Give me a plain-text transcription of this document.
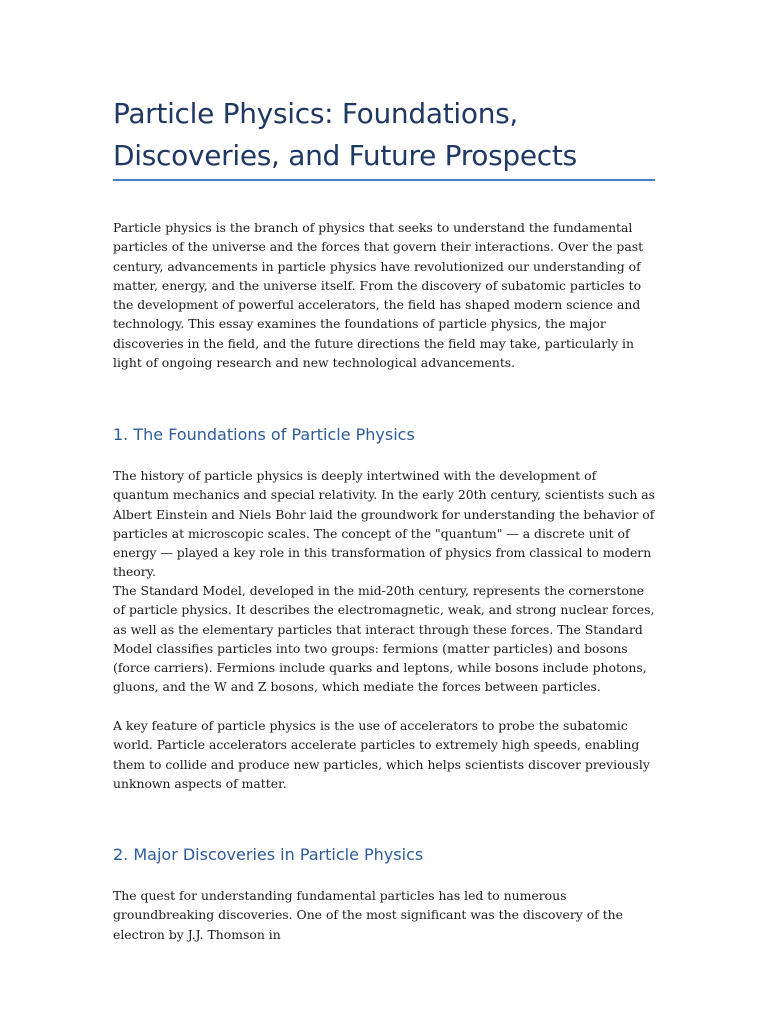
Particle Physics: Foundations,
Discoveries, and Future Prospects

Particle physics is the branch of physics that seeks to understand the fundamental particles of the universe and the forces that govern their interactions. Over the past century, advancements in particle physics have revolutionized our understanding of matter, energy, and the universe itself. From the discovery of subatomic particles to the development of powerful accelerators, the field has shaped modern science and technology. This essay examines the foundations of particle physics, the major discoveries in the field, and the future directions the field may take, particularly in light of ongoing research and new technological advancements.

1. The Foundations of Particle Physics

The history of particle physics is deeply intertwined with the development of quantum mechanics and special relativity. In the early 20th century, scientists such as Albert Einstein and Niels Bohr laid the groundwork for understanding the behavior of particles at microscopic scales. The concept of the "quantum" — a discrete unit of energy — played a key role in this transformation of physics from classical to modern theory.

The Standard Model, developed in the mid-20th century, represents the cornerstone of particle physics. It describes the electromagnetic, weak, and strong nuclear forces, as well as the elementary particles that interact through these forces. The Standard Model classifies particles into two groups: fermions (matter particles) and bosons (force carriers). Fermions include quarks and leptons, while bosons include photons, gluons, and the W and Z bosons, which mediate the forces between particles.

A key feature of particle physics is the use of accelerators to probe the subatomic world. Particle accelerators accelerate particles to extremely high speeds, enabling them to collide and produce new particles, which helps scientists discover previously unknown aspects of matter.

2. Major Discoveries in Particle Physics

The quest for understanding fundamental particles has led to numerous groundbreaking discoveries. One of the most significant was the discovery of the electron by J.J. Thomson in
